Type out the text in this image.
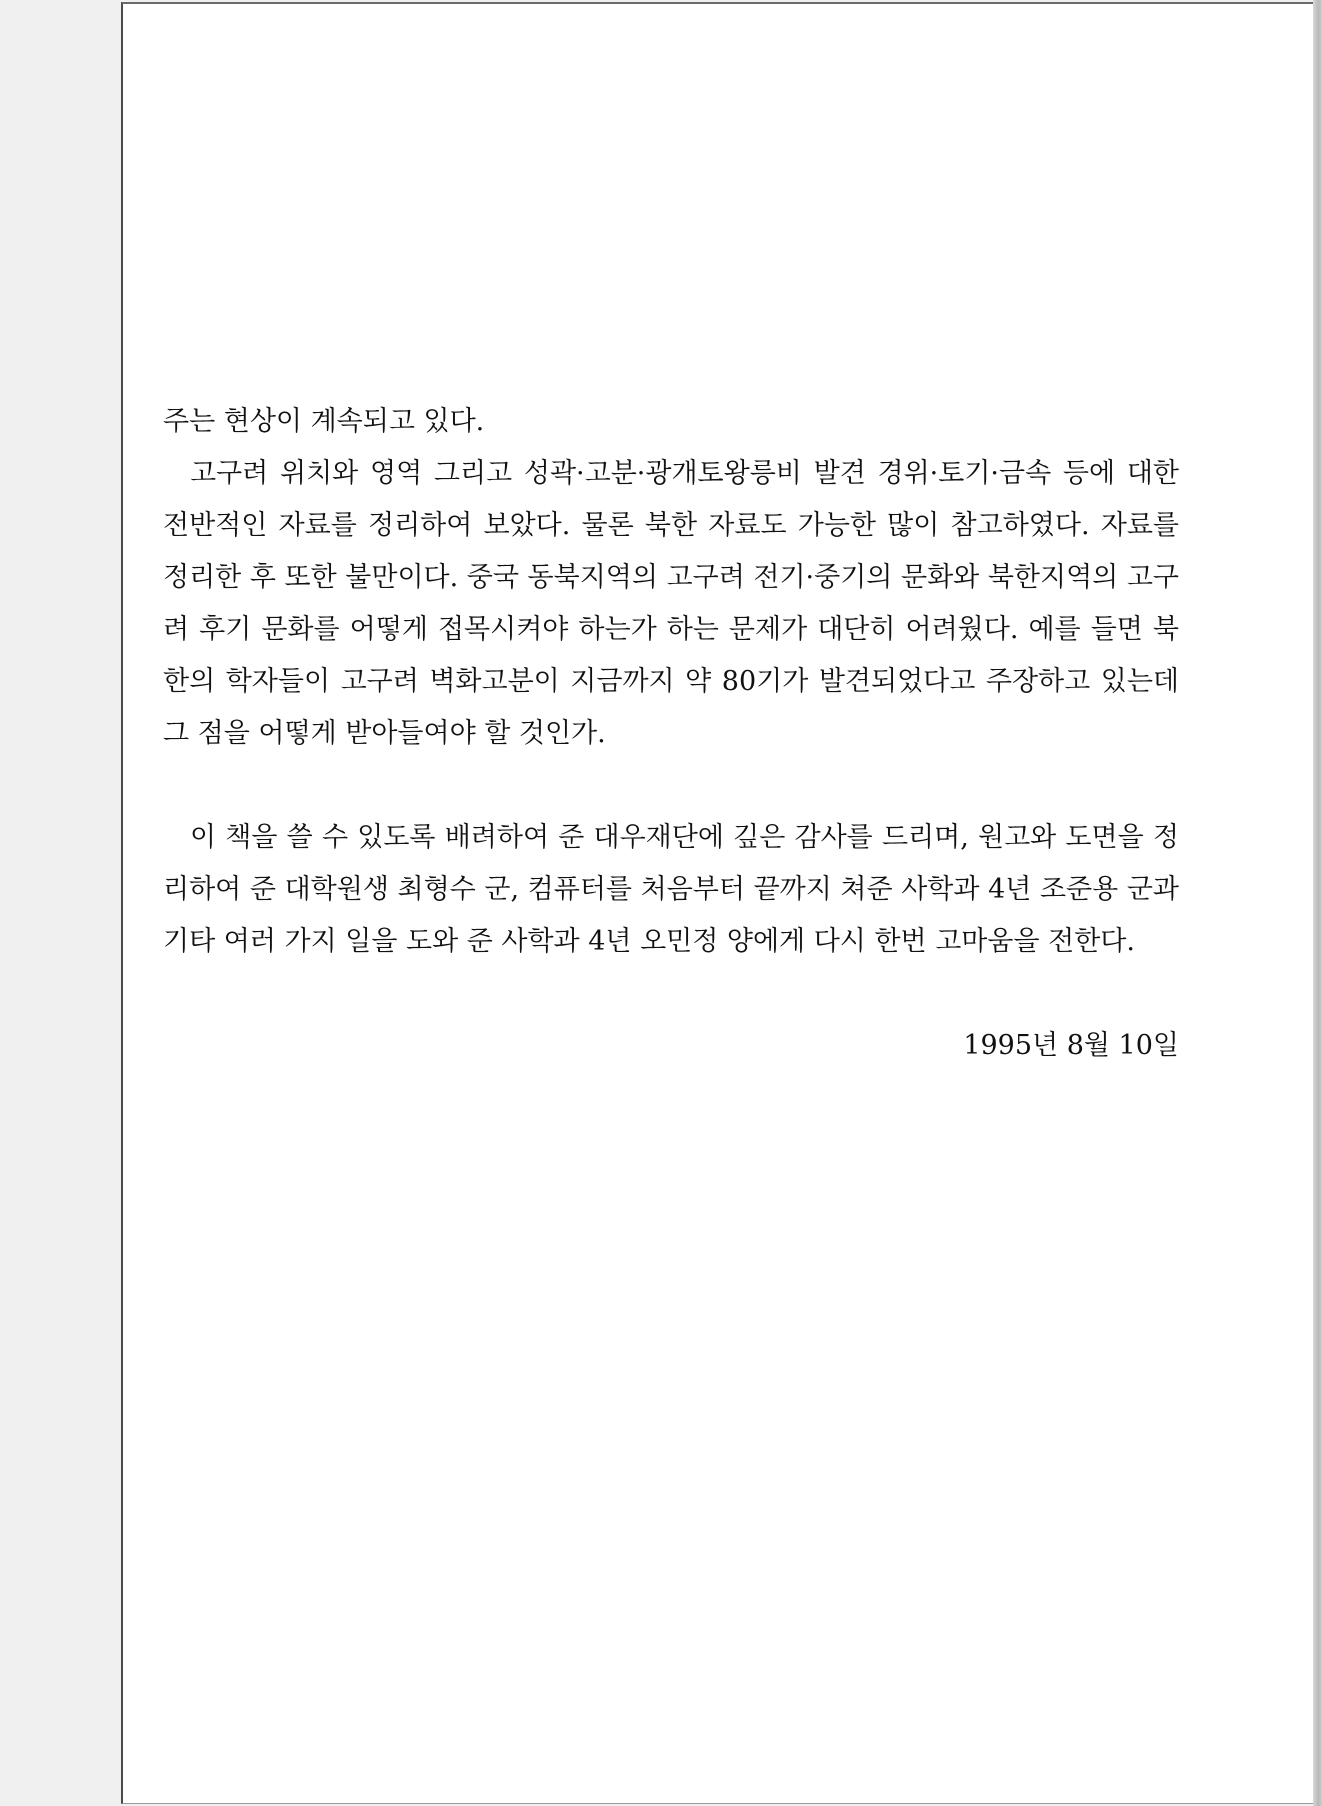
주는 현상이 계속되고 있다.

고구려 위치와 영역 그리고 성곽·고분·광개토왕릉비 발견 경위·토기·금속 등에 대한 전반적인 자료를 정리하여 보았다. 물론 북한 자료도 가능한 많이 참고하였다. 자료를 정리한 후 또한 불만이다. 중국 동북지역의 고구려 전기·중기의 문화와 북한지역의 고구려 후기 문화를 어떻게 접목시켜야 하는가 하는 문제가 대단히 어려웠다. 예를 들면 북한의 학자들이 고구려 벽화고분이 지금까지 약 80기가 발견되었다고 주장하고 있는데 그 점을 어떻게 받아들여야 할 것인가.

이 책을 쓸 수 있도록 배려하여 준 대우재단에 깊은 감사를 드리며, 원고와 도면을 정리하여 준 대학원생 최형수 군, 컴퓨터를 처음부터 끝까지 쳐준 사학과 4년 조준용 군과 기타 여러 가지 일을 도와 준 사학과 4년 오민정 양에게 다시 한번 고마움을 전한다.

1995년 8월 10일
